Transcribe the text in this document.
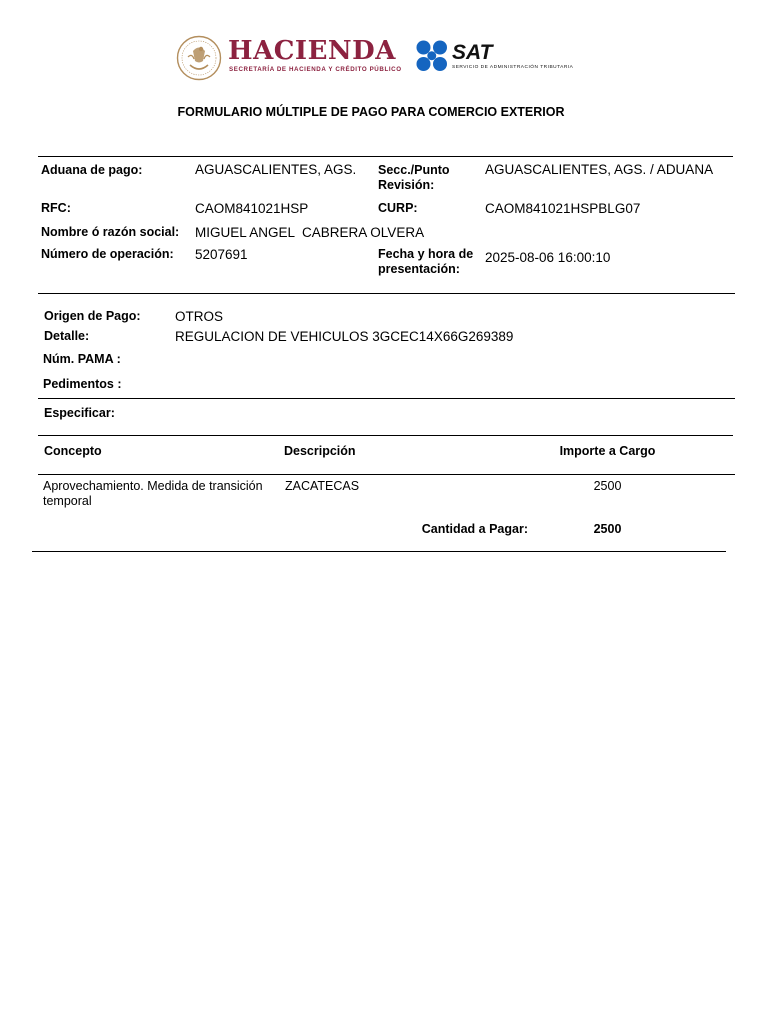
HACIENDA
SECRETARÍA DE HACIENDA Y CRÉDITO PÚBLICO
SAT
SERVICIO DE ADMINISTRACIÓN TRIBUTARIA
FORMULARIO MÚLTIPLE DE PAGO PARA COMERCIO EXTERIOR
Aduana de pago:	AGUASCALIENTES, AGS. Secc./Punto
Revisión:
AGUASCALIENTES, AGS. / ADUANA
RFC:	CAOM841021HSP	CURP:	CAOM841021HSPBLG07
Nombre ó razón social: MIGUEL ANGEL  CABRERA OLVERA
Número de operación: 5207691	Fecha y hora de
presentación:
2025-08-06 16:00:10
Origen de Pago:	OTROS
Detalle:	REGULACION DE VEHICULOS 3GCEC14X66G269389
Núm. PAMA :
Pedimentos :
Especificar:
Concepto	Descripción	Importe a Cargo
Aprovechamiento. Medida de transición
temporal
ZACATECAS	2500
Cantidad a Pagar:	2500
